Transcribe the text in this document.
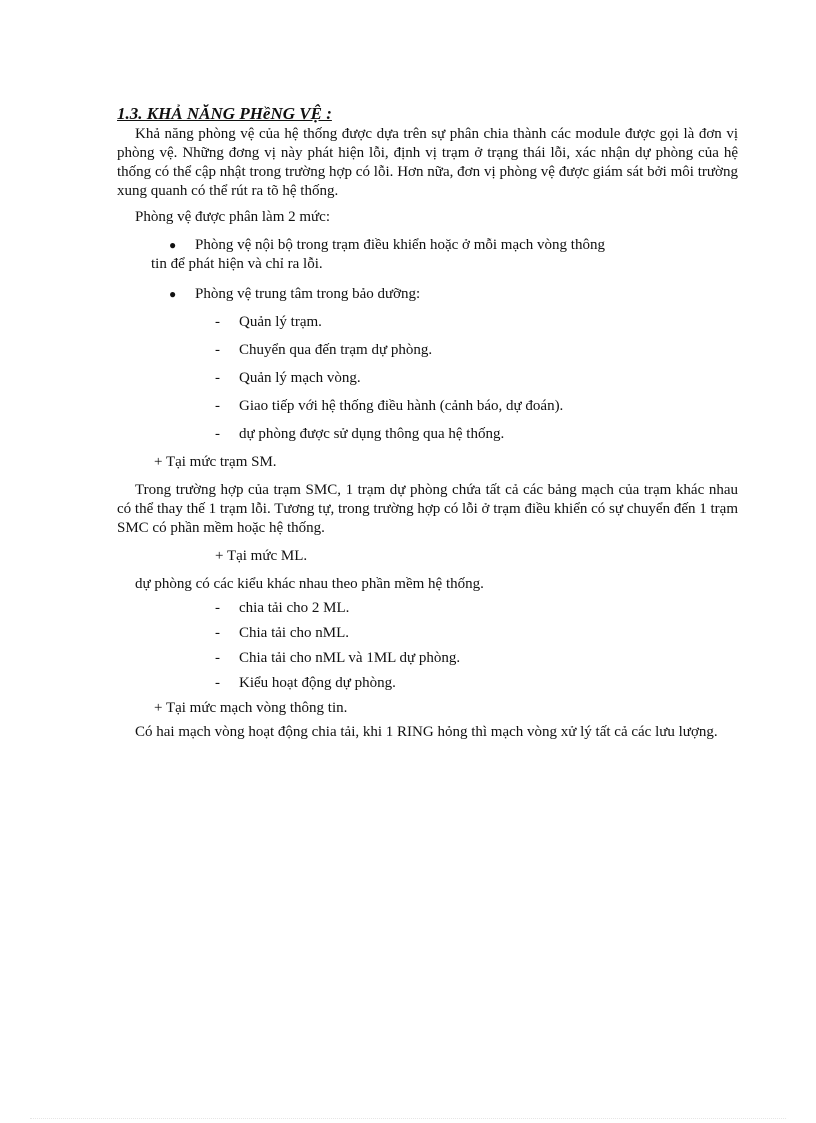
1.3. KHẢ NĂNG PHềNG VỆ :

Khả năng phòng vệ của hệ thống được dựa trên sự phân chia thành các module được gọi là đơn vị phòng vệ. Những đơng vị này phát hiện lỗi, định vị trạm ở trạng thái lỗi, xác nhận dự phòng của hệ thống có thể cập nhật trong trường hợp có lỗi. Hơn nữa, đơn vị phòng vệ được giám sát bởi môi trường xung quanh có thể rút ra tõ hệ thống.

Phòng vệ được phân làm 2 mức:

● Phòng vệ nội bộ trong trạm điều khiển hoặc ở mỗi mạch vòng thông
tin để phát hiện và chỉ ra lỗi.
● Phòng vệ trung tâm trong bảo dưỡng:
- Quản lý trạm.
- Chuyển qua đến trạm dự phòng.
- Quản lý mạch vòng.
- Giao tiếp với hệ thống điều hành (cảnh báo, dự đoán).
- dự phòng được sử dụng thông qua hệ thống.

+ Tại mức trạm SM.

Trong trường hợp của trạm SMC, 1 trạm dự phòng chứa tất cả các bảng mạch của trạm khác nhau có thể thay thế 1 trạm lỗi. Tương tự, trong trường hợp có lỗi ở trạm điều khiển có sự chuyển đến 1 trạm SMC có phần mềm hoặc hệ thống.

+ Tại mức ML.

dự phòng có các kiểu khác nhau theo phần mềm hệ thống.

- chia tải cho 2 ML.
- Chia tải cho nML.
- Chia tải cho nML và 1ML dự phòng.
- Kiểu hoạt động dự phòng.

+ Tại mức mạch vòng thông tin.

Có hai mạch vòng hoạt động chia tải, khi 1 RING hỏng thì mạch vòng xử lý tất cả các lưu lượng.
